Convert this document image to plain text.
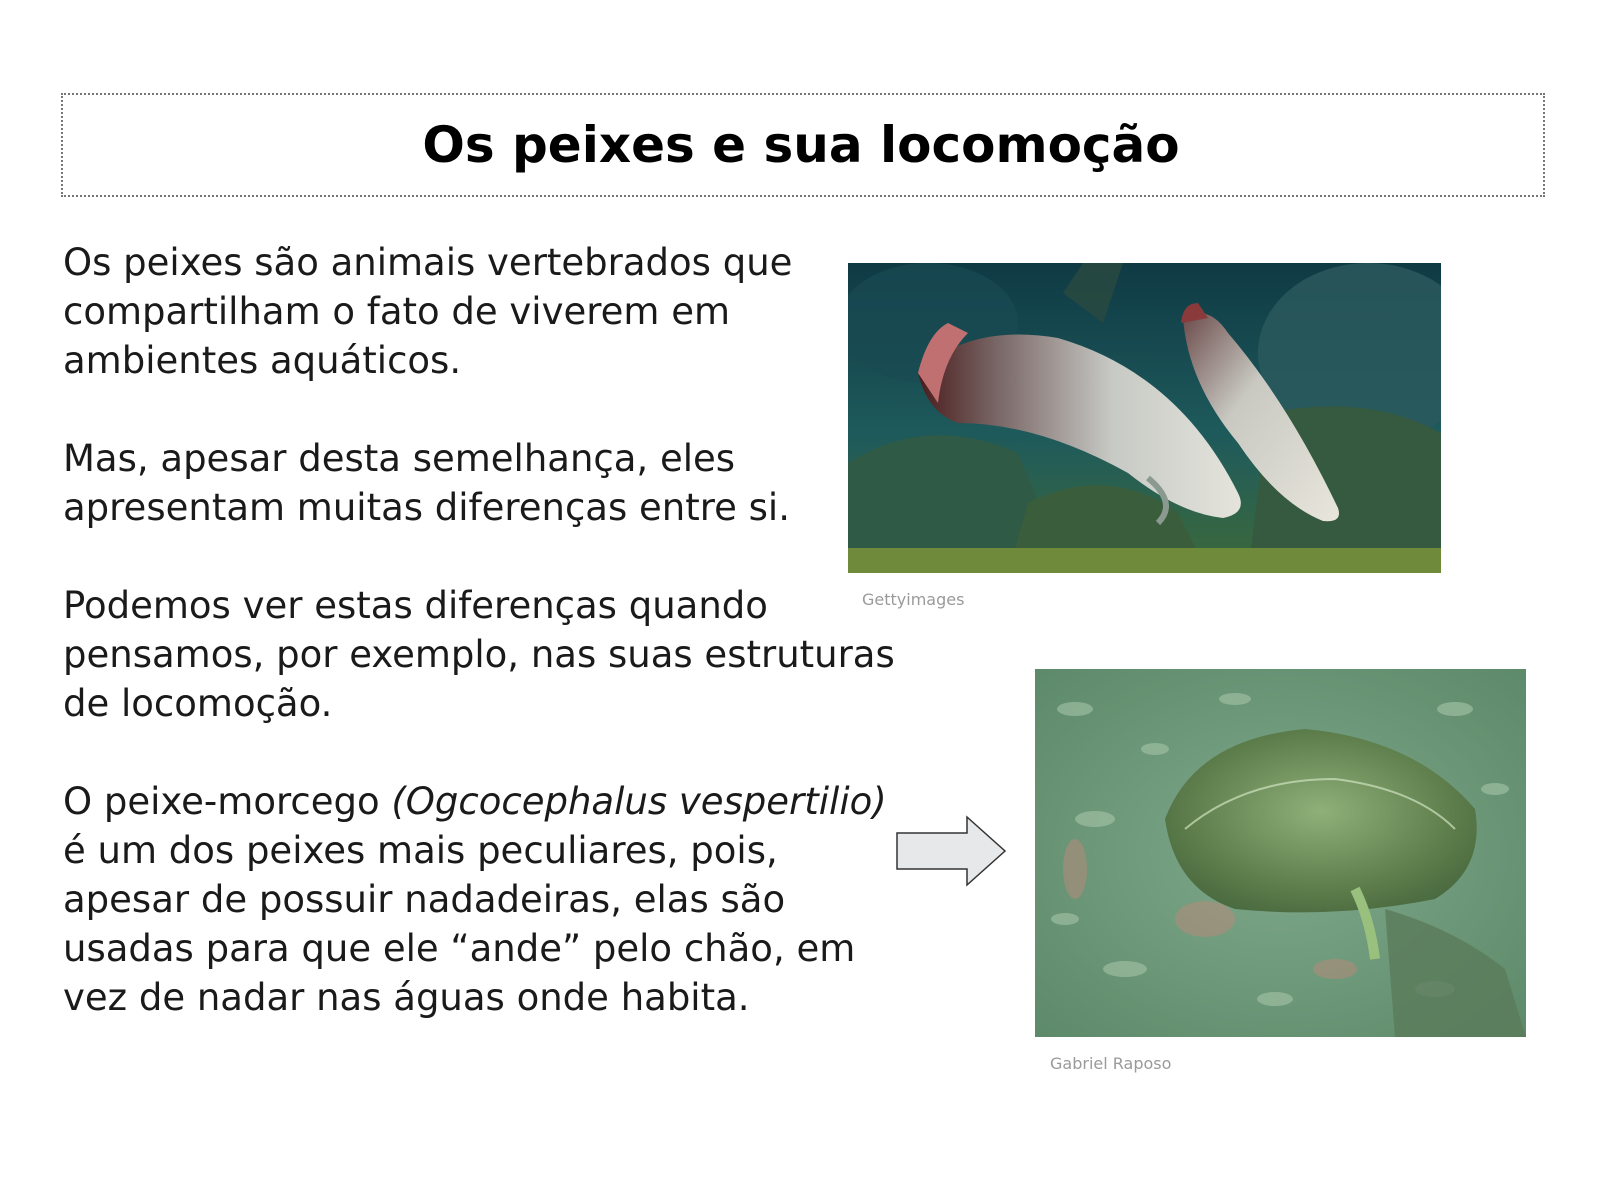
Os peixes e sua locomoção

Os peixes são animais vertebrados que compartilham o fato de viverem em ambientes aquáticos.

Mas, apesar desta semelhança, eles apresentam muitas diferenças entre si.

Podemos ver estas diferenças quando pensamos, por exemplo, nas suas estruturas de locomoção.

O peixe-morcego (Ogcocephalus vespertilio) é um dos peixes mais peculiares, pois, apesar de possuir nadadeiras, elas são usadas para que ele “ande” pelo chão, em vez de nadar nas águas onde habita.

Gettyimages
Gabriel Raposo
